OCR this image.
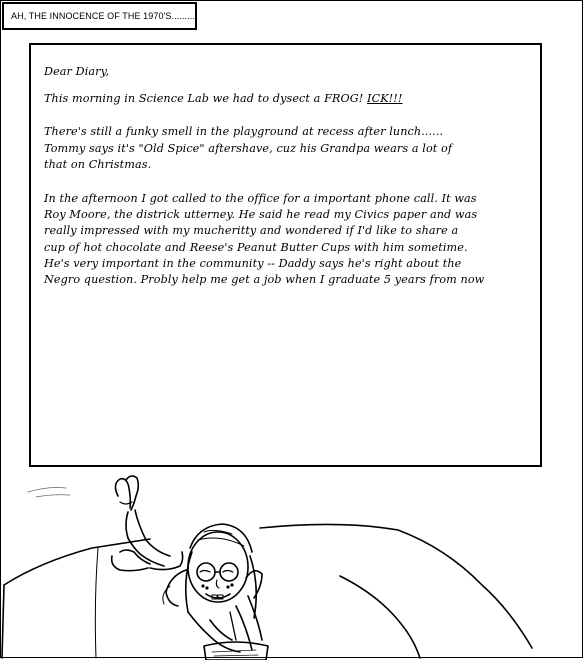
AH, THE INNOCENCE OF THE 1970'S.........

Dear Diary,

This morning in Science Lab we had to dysect a FROG! ICK!!!

There's still a funky smell in the playground at recess after lunch......

Tommy says it's "Old Spice" aftershave, cuz his Grandpa wears a lot of

that on Christmas.

In the afternoon I got called to the office for a important phone call. It was

Roy Moore, the districk utterney. He said he read my Civics paper and was

really impressed with my mucheritty and wondered if I'd like to share a

cup of hot chocolate and Reese's Peanut Butter Cups with him sometime.

He's very important in the community -- Daddy says he's right about the

Negro question. Probly help me get a job when I graduate 5 years from now
